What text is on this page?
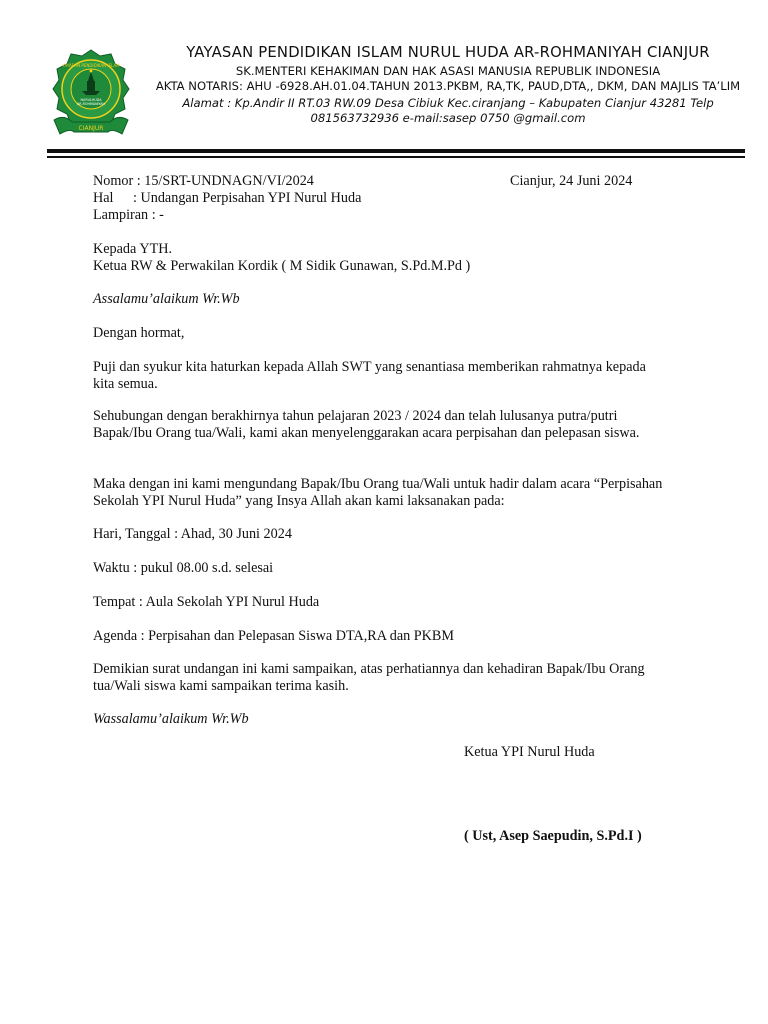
YAYASAN PENDIDIKAN ISLAM
NURULHUDA
AR-ROHMANIYAH
CIANJUR
YAYASAN PENDIDIKAN ISLAM NURUL HUDA AR-ROHMANIYAH CIANJUR
SK.MENTERI KEHAKIMAN DAN HAK ASASI MANUSIA REPUBLIK INDONESIA
AKTA NOTARIS: AHU -6928.AH.01.04.TAHUN 2013.PKBM, RA,TK, PAUD,DTA,, DKM, DAN MAJLIS TA’LIM
Alamat : Kp.Andir II RT.03 RW.09 Desa Cibiuk Kec.ciranjang – Kabupaten Cianjur 43281 Telp 081563732936 e-mail:sasep 0750 @gmail.com
Nomor : 15/SRT-UNDNAGN/VI/2024	Cianjur, 24 Juni 2024
Hal : Undangan Perpisahan YPI Nurul Huda
Lampiran : -
Kepada YTH.
Ketua RW & Perwakilan Kordik ( M Sidik Gunawan, S.Pd.M.Pd )
Assalamu’alaikum Wr.Wb
Dengan hormat,
Puji dan syukur kita haturkan kepada Allah SWT yang senantiasa memberikan rahmatnya kepada kita semua.
Sehubungan dengan berakhirnya tahun pelajaran 2023 / 2024 dan telah lulusanya putra/putri Bapak/Ibu Orang tua/Wali, kami akan menyelenggarakan acara perpisahan dan pelepasan siswa.
Maka dengan ini kami mengundang Bapak/Ibu Orang tua/Wali untuk hadir dalam acara “Perpisahan Sekolah YPI Nurul Huda” yang Insya Allah akan kami laksanakan pada:
Hari, Tanggal : Ahad, 30 Juni 2024
Waktu : pukul 08.00 s.d. selesai
Tempat : Aula Sekolah YPI Nurul Huda
Agenda : Perpisahan dan Pelepasan Siswa DTA,RA dan PKBM
Demikian surat undangan ini kami sampaikan, atas perhatiannya dan kehadiran Bapak/Ibu Orang tua/Wali siswa kami sampaikan terima kasih.
Wassalamu’alaikum Wr.Wb
Ketua YPI Nurul Huda
( Ust, Asep Saepudin, S.Pd.I )
